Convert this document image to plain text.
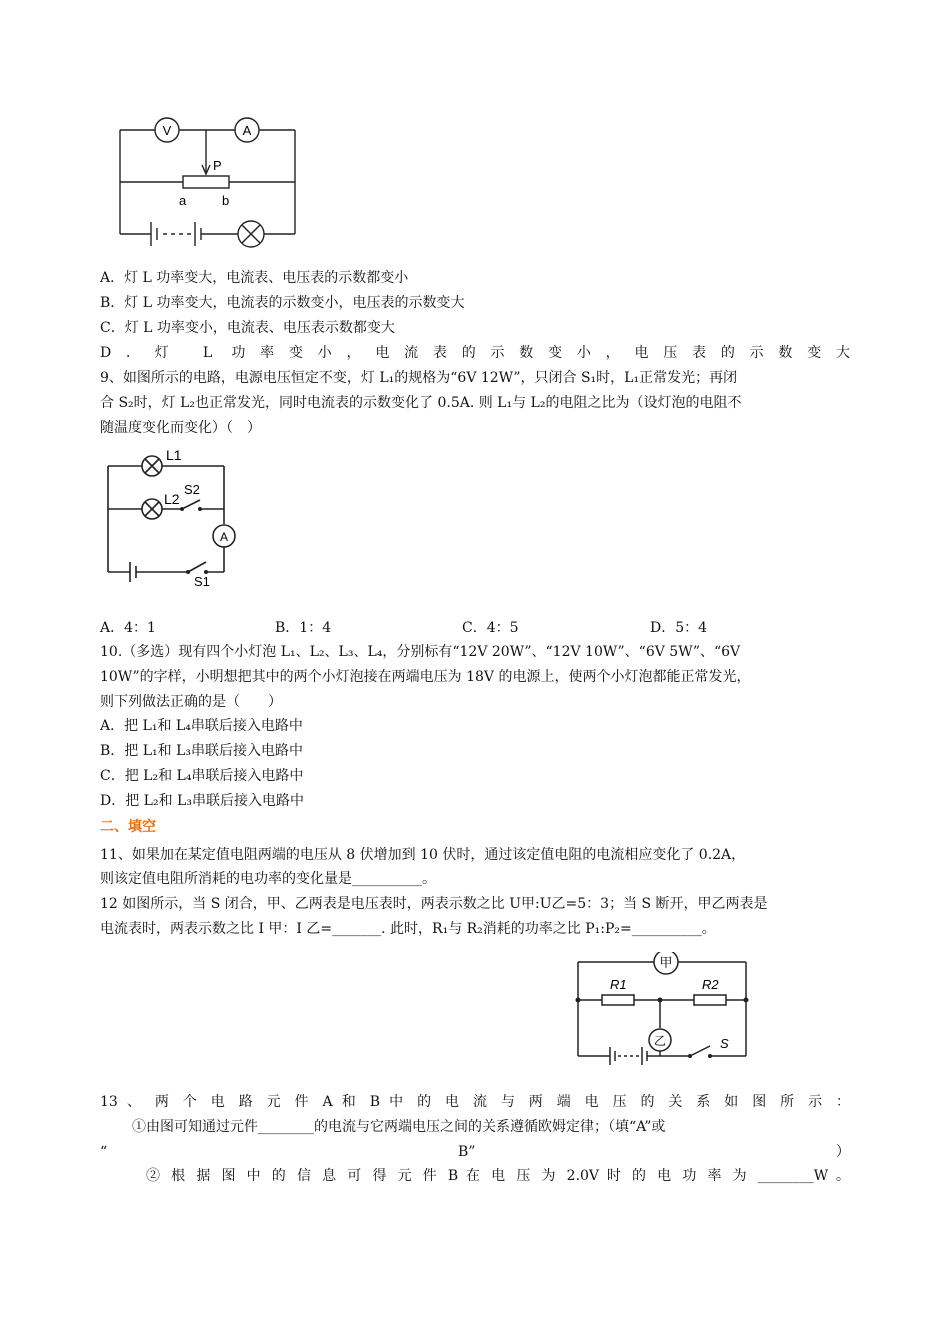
V	A
P
a	b
A．灯 L 功率变大，电流表、电压表的示数都变小
B．灯 L 功率变大，电流表的示数变小，电压表的示数变大
C．灯 L 功率变小，电流表、电压表示数都变大
D．灯 L 功率变小，电流表的示数变小，电压表的示数变大
9、如图所示的电路，电源电压恒定不变，灯 L₁的规格为“6V 12W”，只闭合 S₁时，L₁正常发光；再闭
合 S₂时，灯 L₂也正常发光，同时电流表的示数变化了 0.5A. 则 L₁与 L₂的电阻之比为（设灯泡的电阻不
随温度变化而变化）（　）
L1
L2
S2
A
S1
A．4：1	B．1：4	C．4：5	D．5：4
10.（多选）现有四个小灯泡 L₁、L₂、L₃、L₄，分别标有“12V 20W”、“12V 10W”、“6V 5W”、“6V
10W”的字样，小明想把其中的两个小灯泡接在两端电压为 18V 的电源上，使两个小灯泡都能正常发光，
则下列做法正确的是（　　）
A．把 L₁和 L₄串联后接入电路中
B．把 L₁和 L₃串联后接入电路中
C．把 L₂和 L₄串联后接入电路中
D．把 L₂和 L₃串联后接入电路中
二、填空
11、如果加在某定值电阻两端的电压从 8 伏增加到 10 伏时，通过该定值电阻的电流相应变化了 0.2A，
则该定值电阻所消耗的电功率的变化量是__________。
12 如图所示，当 S 闭合，甲、乙两表是电压表时，两表示数之比 U甲:U乙=5：3；当 S 断开，甲乙两表是
电流表时，两表示数之比 I 甲：I 乙=_______. 此时，R₁与 R₂消耗的功率之比 P₁:P₂=__________。
甲
R1	R2
乙	S
13 、 两 个 电 路 元 件 A 和 B 中 的 电 流 与 两 端 电 压 的 关 系 如 图 所 示 ：
①由图可知通过元件________的电流与它两端电压之间的关系遵循欧姆定律；（填“A”或
“	B”	）
② 根 据 图 中 的 信 息 可 得 元 件 B 在 电 压 为 2.0V 时 的 电 功 率 为 ________W 。
